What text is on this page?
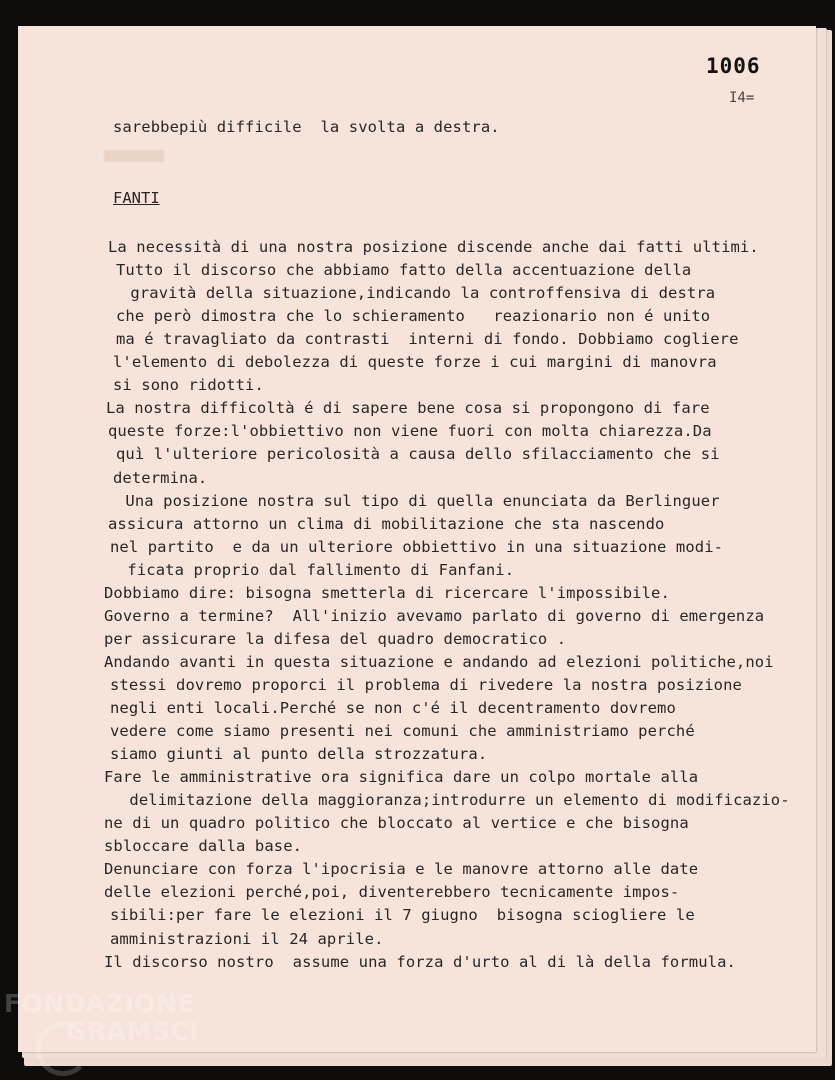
1006
I4=
sarebbepiù difficile  la svolta a destra.
FANTI
La necessità di una nostra posizione discende anche dai fatti ultimi.
Tutto il discorso che abbiamo fatto della accentuazione della
gravità della situazione,indicando la controffensiva di destra
che però dimostra che lo schieramento   reazionario non é unito
ma é travagliato da contrasti  interni di fondo. Dobbiamo cogliere
l'elemento di debolezza di queste forze i cui margini di manovra
si sono ridotti.
La nostra difficoltà é di sapere bene cosa si propongono di fare
queste forze:l'obbiettivo non viene fuori con molta chiarezza.Da
quì l'ulteriore pericolosità a causa dello sfilacciamento che si
determina.
Una posizione nostra sul tipo di quella enunciata da Berlinguer
assicura attorno un clima di mobilitazione che sta nascendo
nel partito  e da un ulteriore obbiettivo in una situazione modi-
ficata proprio dal fallimento di Fanfani.
Dobbiamo dire: bisogna smetterla di ricercare l'impossibile.
Governo a termine?  All'inizio avevamo parlato di governo di emergenza
per assicurare la difesa del quadro democratico .
Andando avanti in questa situazione e andando ad elezioni politiche,noi
stessi dovremo proporci il problema di rivedere la nostra posizione
negli enti locali.Perché se non c'é il decentramento dovremo
vedere come siamo presenti nei comuni che amministriamo perché
siamo giunti al punto della strozzatura.
Fare le amministrative ora significa dare un colpo mortale alla
delimitazione della maggioranza;introdurre un elemento di modificazio-
ne di un quadro politico che bloccato al vertice e che bisogna
sbloccare dalla base.
Denunciare con forza l'ipocrisia e le manovre attorno alle date
delle elezioni perché,poi, diventerebbero tecnicamente impos-
sibili:per fare le elezioni il 7 giugno  bisogna sciogliere le
amministrazioni il 24 aprile.
Il discorso nostro  assume una forza d'urto al di là della formula.
FONDAZIONE
GRAMSCI
